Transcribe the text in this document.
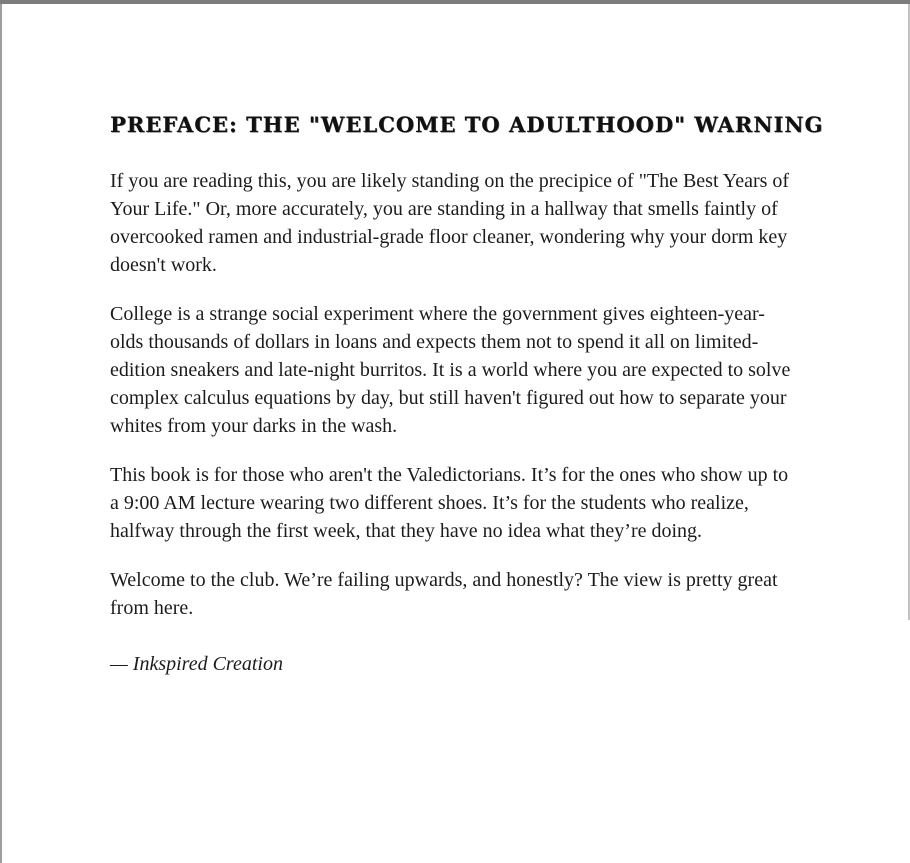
PREFACE: THE "WELCOME TO ADULTHOOD" WARNING

If you are reading this, you are likely standing on the precipice of "The Best Years of Your Life." Or, more accurately, you are standing in a hallway that smells faintly of overcooked ramen and industrial-grade floor cleaner, wondering why your dorm key doesn't work.

College is a strange social experiment where the government gives eighteen-year-olds thousands of dollars in loans and expects them not to spend it all on limited-edition sneakers and late-night burritos. It is a world where you are expected to solve complex calculus equations by day, but still haven't figured out how to separate your whites from your darks in the wash.

This book is for those who aren't the Valedictorians. It’s for the ones who show up to a 9:00 AM lecture wearing two different shoes. It’s for the students who realize, halfway through the first week, that they have no idea what they’re doing.

Welcome to the club. We’re failing upwards, and honestly? The view is pretty great from here.

— Inkspired Creation
